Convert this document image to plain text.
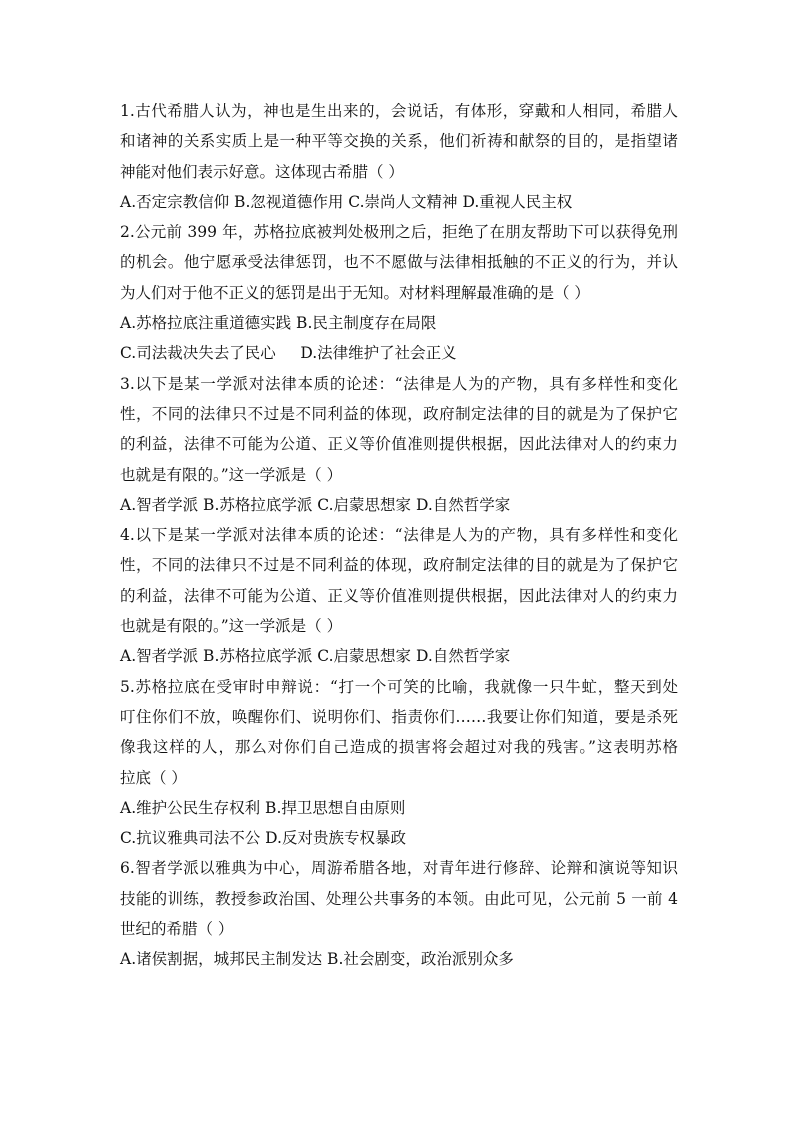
1.古代希腊人认为，神也是生出来的，会说话，有体形，穿戴和人相同，希腊人
和诸神的关系实质上是一种平等交换的关系，他们祈祷和献祭的目的，是指望诸
神能对他们表示好意。这体现古希腊（ ）
A.否定宗教信仰 B.忽视道德作用 C.崇尚人文精神 D.重视人民主权
2.公元前 399 年，苏格拉底被判处极刑之后，拒绝了在朋友帮助下可以获得免刑
的机会。他宁愿承受法律惩罚，也不不愿做与法律相抵触的不正义的行为，并认
为人们对于他不正义的惩罚是出于无知。对材料理解最准确的是（ ）
A.苏格拉底注重道德实践 B.民主制度存在局限
C.司法裁决失去了民心     D.法律维护了社会正义
3.以下是某一学派对法律本质的论述：“法律是人为的产物，具有多样性和变化
性，不同的法律只不过是不同利益的体现，政府制定法律的目的就是为了保护它
的利益，法律不可能为公道、正义等价值准则提供根据，因此法律对人的约束力
也就是有限的。”这一学派是（ ）
A.智者学派 B.苏格拉底学派 C.启蒙思想家 D.自然哲学家
4.以下是某一学派对法律本质的论述：“法律是人为的产物，具有多样性和变化
性，不同的法律只不过是不同利益的体现，政府制定法律的目的就是为了保护它
的利益，法律不可能为公道、正义等价值准则提供根据，因此法律对人的约束力
也就是有限的。”这一学派是（ ）
A.智者学派 B.苏格拉底学派 C.启蒙思想家 D.自然哲学家
5.苏格拉底在受审时申辩说：“打一个可笑的比喻，我就像一只牛虻，整天到处
叮住你们不放，唤醒你们、说明你们、指责你们……我要让你们知道，要是杀死
像我这样的人，那么对你们自己造成的损害将会超过对我的残害。”这表明苏格
拉底（ ）
A.维护公民生存权利 B.捍卫思想自由原则
C.抗议雅典司法不公 D.反对贵族专权暴政
6.智者学派以雅典为中心，周游希腊各地，对青年进行修辞、论辩和演说等知识
技能的训练，教授参政治国、处理公共事务的本领。由此可见，公元前 5 一前 4
世纪的希腊（ ）
A.诸侯割据，城邦民主制发达 B.社会剧变，政治派别众多
